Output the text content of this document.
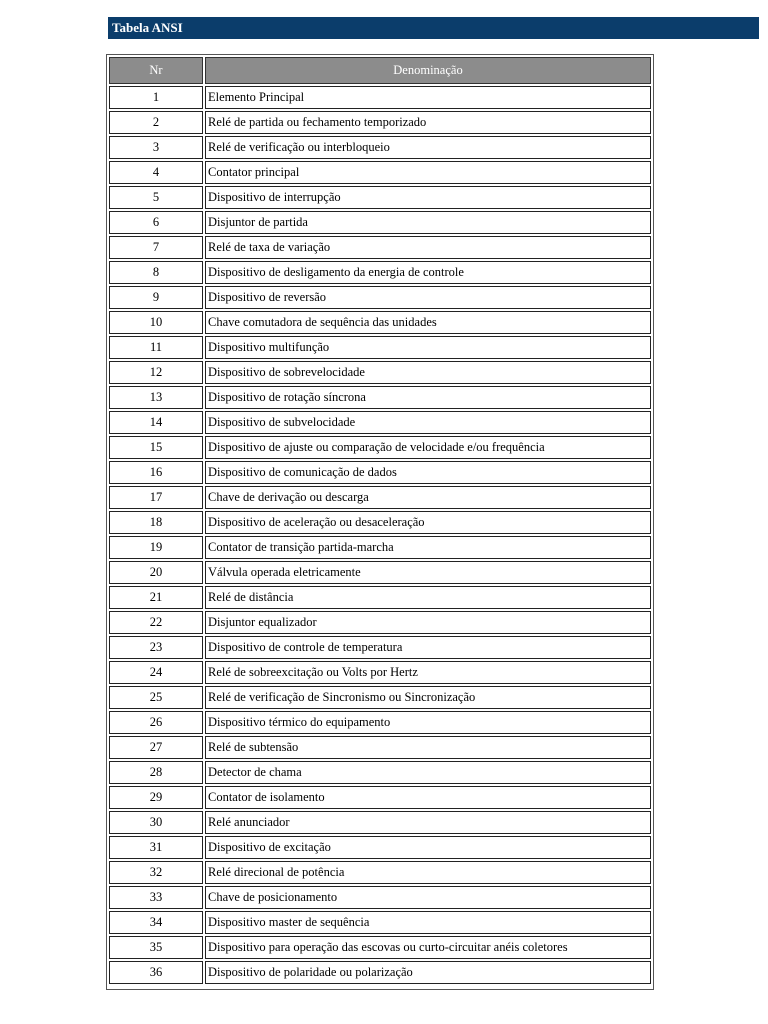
Tabela ANSI
Nr	Denominação
1	Elemento Principal
2	Relé de partida ou fechamento temporizado
3	Relé de verificação ou interbloqueio
4	Contator principal
5	Dispositivo de interrupção
6	Disjuntor de partida
7	Relé de taxa de variação
8	Dispositivo de desligamento da energia de controle
9	Dispositivo de reversão
10	Chave comutadora de sequência das unidades
11	Dispositivo multifunção
12	Dispositivo de sobrevelocidade
13	Dispositivo de rotação síncrona
14	Dispositivo de subvelocidade
15	Dispositivo de ajuste ou comparação de velocidade e/ou frequência
16	Dispositivo de comunicação de dados
17	Chave de derivação ou descarga
18	Dispositivo de aceleração ou desaceleração
19	Contator de transição partida-marcha
20	Válvula operada eletricamente
21	Relé de distância
22	Disjuntor equalizador
23	Dispositivo de controle de temperatura
24	Relé de sobreexcitação ou Volts por Hertz
25	Relé de verificação de Sincronismo ou Sincronização
26	Dispositivo térmico do equipamento
27	Relé de subtensão
28	Detector de chama
29	Contator de isolamento
30	Relé anunciador
31	Dispositivo de excitação
32	Relé direcional de potência
33	Chave de posicionamento
34	Dispositivo master de sequência
35	Dispositivo para operação das escovas ou curto-circuitar anéis coletores
36	Dispositivo de polaridade ou polarização
